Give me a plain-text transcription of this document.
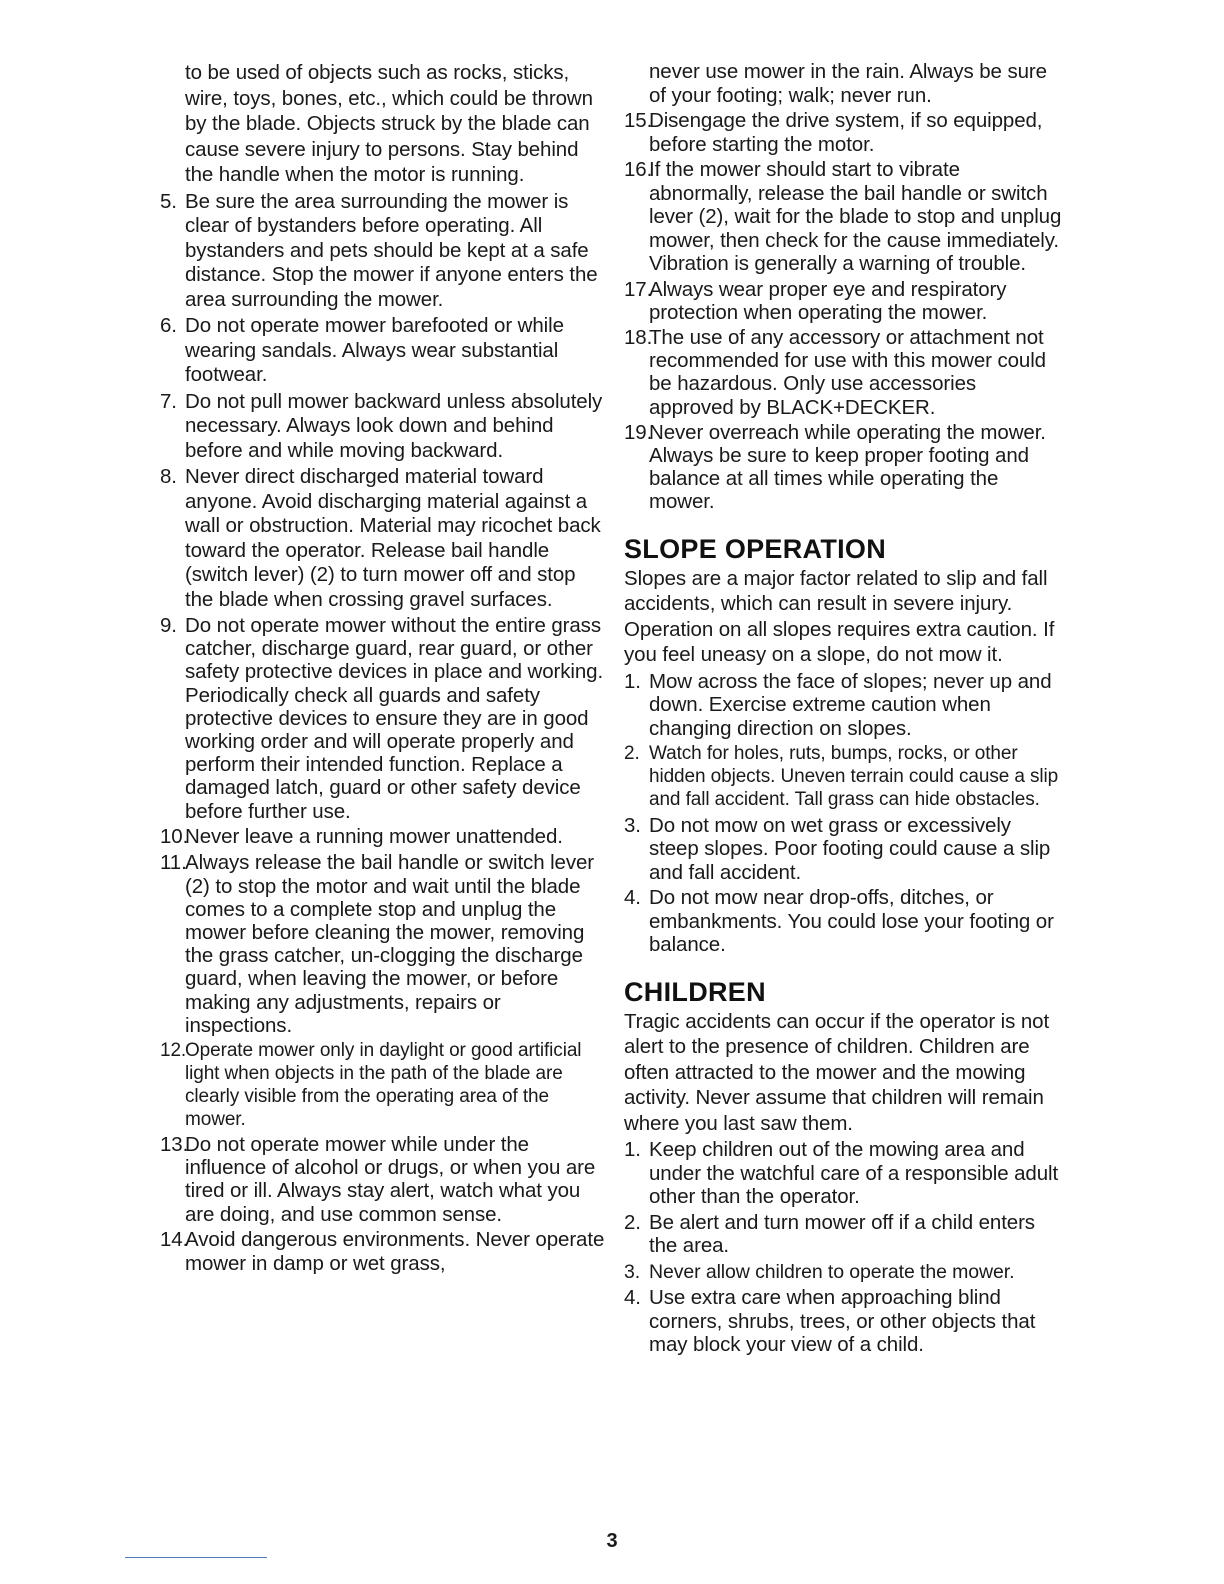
to be used of objects such as rocks, sticks, wire, toys, bones, etc., which could be thrown by the blade. Objects struck by the blade can cause severe injury to persons. Stay behind the handle when the motor is running.

5. Be sure the area surrounding the mower is clear of bystanders before operating. All bystanders and pets should be kept at a safe distance. Stop the mower if anyone enters the area surrounding the mower.
6. Do not operate mower barefooted or while wearing sandals. Always wear substantial footwear.
7. Do not pull mower backward unless absolutely necessary. Always look down and behind before and while moving backward.
8. Never direct discharged material toward anyone. Avoid discharging material against a wall or obstruction. Material may ricochet back toward the operator. Release bail handle (switch lever) (2) to turn mower off and stop the blade when crossing gravel surfaces.
9. Do not operate mower without the entire grass catcher, discharge guard, rear guard, or other safety protective devices in place and working. Periodically check all guards and safety protective devices to ensure they are in good working order and will operate properly and perform their intended function. Replace a damaged latch, guard or other safety device before further use.
10.
Never leave a running mower unattended.
11.
Always release the bail handle or switch lever (2) to stop the motor and wait until the blade comes to a complete stop and unplug the mower before cleaning the mower, removing the grass catcher, un-clogging the discharge guard, when leaving the mower, or before making any adjustments, repairs or inspections.
12.
Operate mower only in daylight or good artificial light when objects in the path of the blade are clearly visible from the operating area of the mower.
13.
Do not operate mower while under the influence of alcohol or drugs, or when you are tired or ill. Always stay alert, watch what you are doing, and use common sense.
14.
Avoid dangerous environments. Never operate mower in damp or wet grass,

never use mower in the rain. Always be sure of your footing; walk; never run.

15.
Disengage the drive system, if so equipped, before starting the motor.
16.
If the mower should start to vibrate abnormally, release the bail handle or switch lever (2), wait for the blade to stop and unplug mower, then check for the cause immediately. Vibration is generally a warning of trouble.
17.
Always wear proper eye and respiratory protection when operating the mower.
18.
The use of any accessory or attachment not recommended for use with this mower could be hazardous. Only use accessories approved by BLACK+DECKER.
19.
Never overreach while operating the mower. Always be sure to keep proper footing and balance at all times while operating the mower.
SLOPE OPERATION

Slopes are a major factor related to slip and fall accidents, which can result in severe injury. Operation on all slopes requires extra caution. If you feel uneasy on a slope, do not mow it.

1. Mow across the face of slopes; never up and down. Exercise extreme caution when changing direction on slopes.
2. Watch for holes, ruts, bumps, rocks, or other hidden objects. Uneven terrain could cause a slip and fall accident. Tall grass can hide obstacles.
3. Do not mow on wet grass or excessively steep slopes. Poor footing could cause a slip and fall accident.
4. Do not mow near drop-offs, ditches, or embankments. You could lose your footing or balance.
CHILDREN

Tragic accidents can occur if the operator is not alert to the presence of children. Children are often attracted to the mower and the mowing activity. Never assume that children will remain where you last saw them.

1. Keep children out of the mowing area and under the watchful care of a responsible adult other than the operator.
2. Be alert and turn mower off if a child enters the area.
3. Never allow children to operate the mower.
4. Use extra care when approaching blind corners, shrubs, trees, or other objects that may block your view of a child.
3
